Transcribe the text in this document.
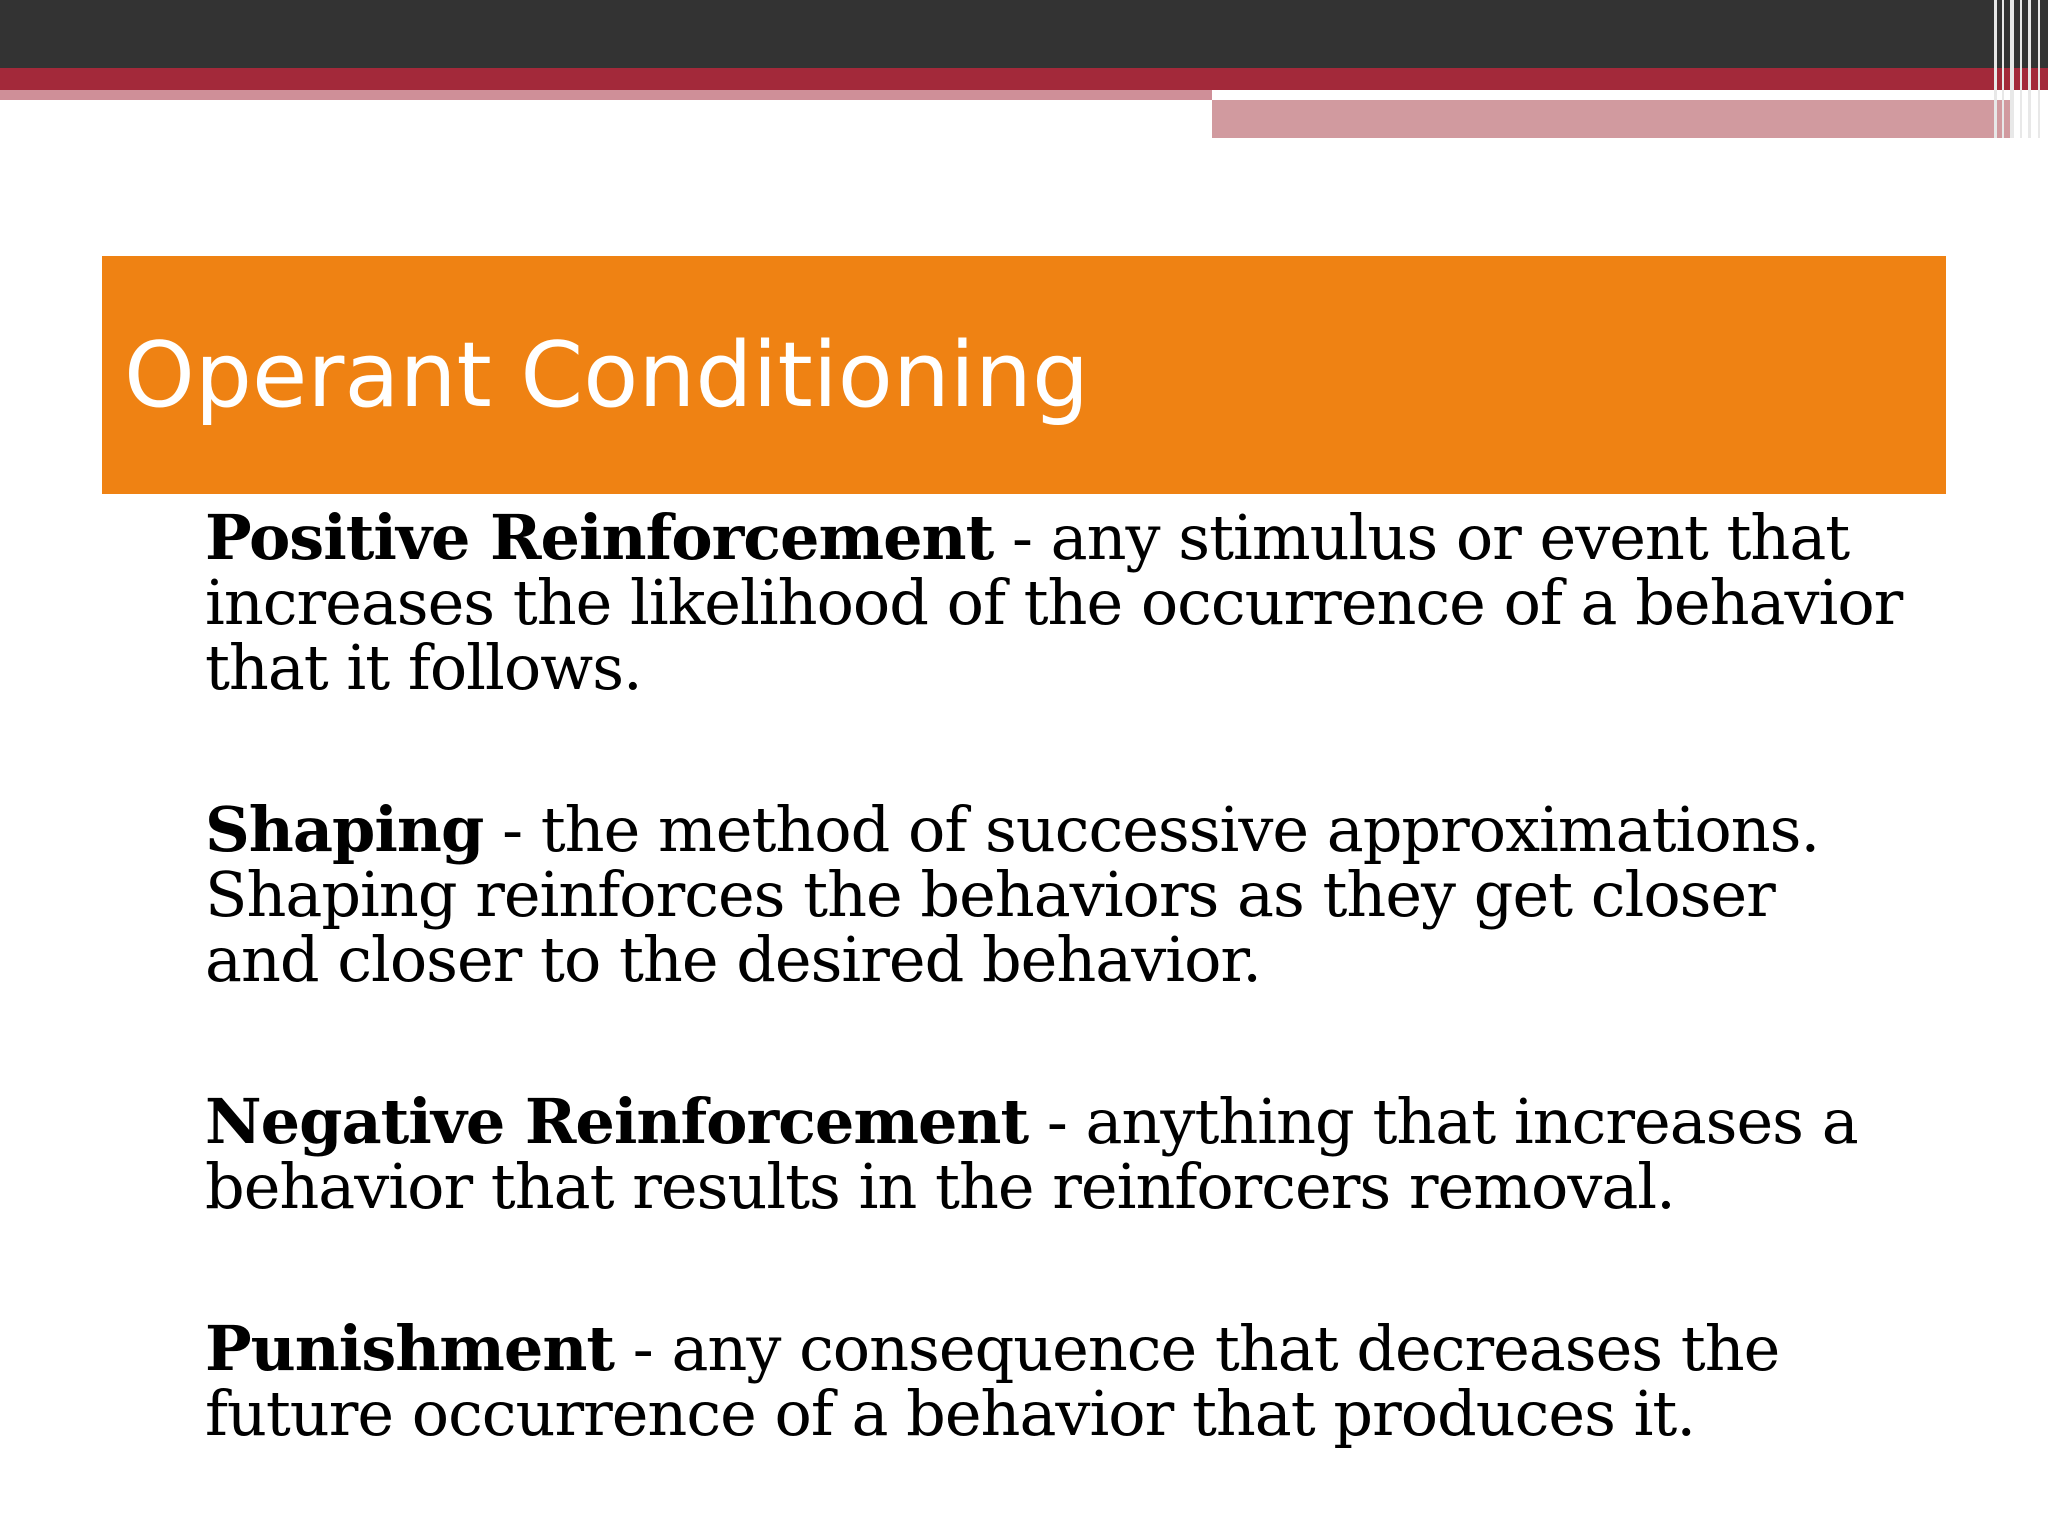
Operant Conditioning

Positive Reinforcement - any stimulus or event that increases the likelihood of the occurrence of a behavior that it follows.

Shaping - the method of successive approximations. Shaping reinforces the behaviors as they get closer and closer to the desired behavior.

Negative Reinforcement - anything that increases a behavior that results in the reinforcers removal.

Punishment - any consequence that decreases the future occurrence of a behavior that produces it.
